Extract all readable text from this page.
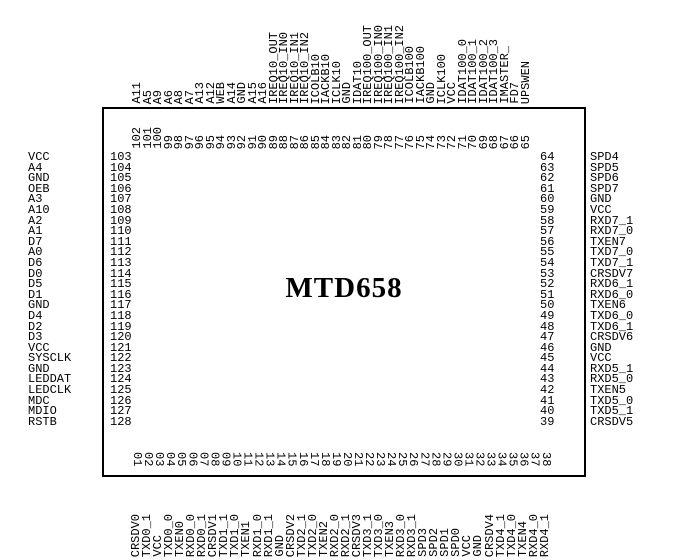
MTD658
VCC
A4
GND
OEB
A3
A10
A2
A1
D7
A0
D6
D0
D5
D1
GND
D4
D2
D3
VCC
SYSCLK
GND
LEDDAT
LEDCLK
MDC
MDIO
RSTB
103
104
105
106
107
108
109
110
111
112
113
114
115
116
117
118
119
120
121
122
123
124
125
126
127
128
64
63
62
61
60
59
58
57
56
55
54
53
52
51
50
49
48
47
46
45
44
43
42
41
40
39
SPD4
SPD5
SPD6
SPD7
GND
VCC
RXD7_1
RXD7_0
TXEN7
TXD7_0
TXD7_1
CRSDV7
RXD6_1
RXD6_0
TXEN6
TXD6_0
TXD6_1
CRSDV6
GND
VCC
RXD5_1
RXD5_0
TXEN5
TXD5_0
TXD5_1
CRSDV5
A11
A5
A9
A6
A8
A7
A13
A12
WEB
A14
GND
A15
A16
IREQ10_OUT
IREQ10_IN0
IREQ10_IN1
IREQ10_IN2
ICOLB10
IACKB10
ICLK10
GND
IDAT10
IREQ100_OUT
IREQ100_IN0
IREQ100_IN1
IREQ100_IN2
ICOLB100
IACKB100
GND
ICLK100
VCC
IDAT100_0
IDAT100_1
IDAT100_2
IDAT100_3
IMASTER_
FD7
UPSWEN
102
101
100
99
98
97
96
95
94
93
92
91
90
89
88
87
86
85
84
83
82
81
80
79
78
77
76
75
74
73
72
71
70
69
68
67
66
65
01
02
03
04
05
06
07
08
09
10
11
12
13
14
15
16
17
18
19
20
21
22
23
24
25
26
27
28
29
30
31
32
33
34
35
36
37
38
CRSDV0
TXD0_1
VCC
TXD0_0
TXEN0
RXD0_0
RXD0_1
CRSDV1
TXD1_1
TXD1_0
TXEN1
RXD1_0
RXD1_1
GND
CRSDV2
TXD2_1
TXD2_0
TXEN2
RXD2_0
RXD2_1
CRSDV3
TXD3_1
TXD3_0
TXEN3
RXD3_0
RXD3_1
SPD3
SPD2
SPD1
SPD0
VCC
GND
CRSDV4
TXD4_1
TXD4_0
TXEN4
RXD4_0
RXD4_1
